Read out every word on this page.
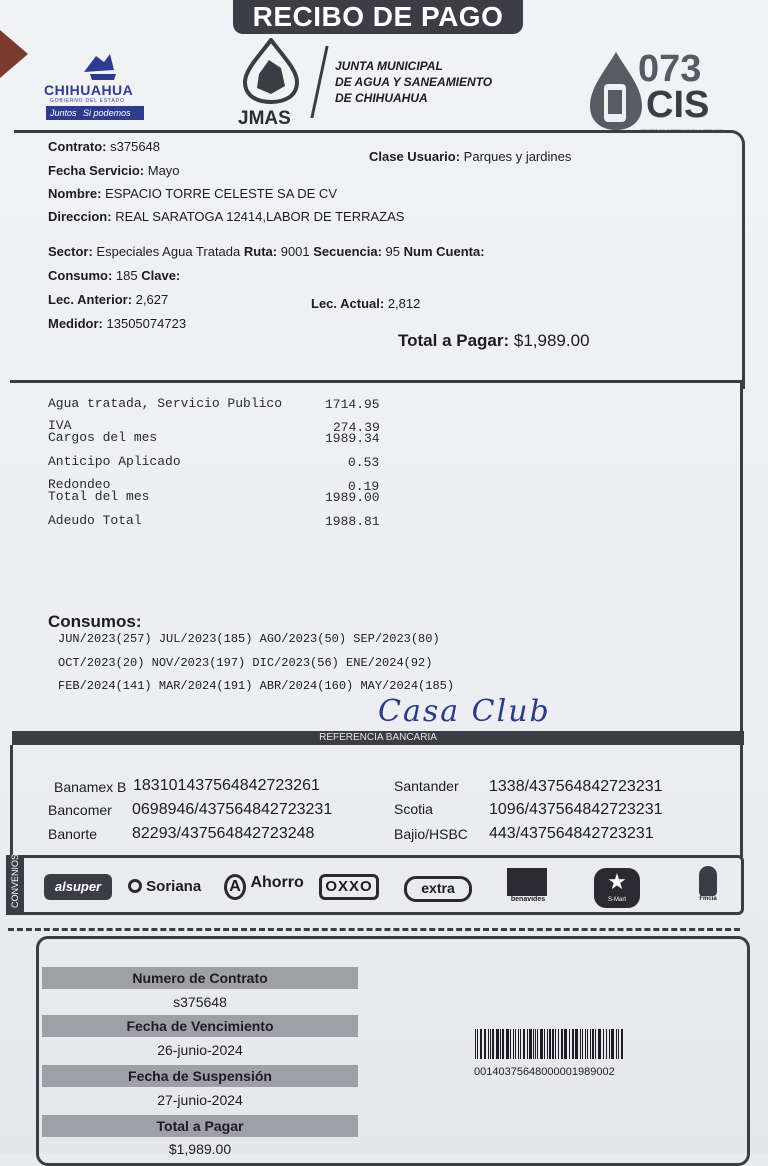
RECIBO DE PAGO
CHIHUAHUA
GOBIERNO DEL ESTADO
Juntos Si podemos	JMAS
JUNTA MUNICIPAL
DE AGUA Y SANEAMIENTO
DE CHIHUAHUA
073
CIS
CENTRO DE INFORMACION Y SERVICIO
Contrato: s375648
Clase Usuario: Parques y jardines
Fecha Servicio: Mayo
Nombre: ESPACIO TORRE CELESTE SA DE CV
Direccion: REAL SARATOGA 12414,LABOR DE TERRAZAS
Sector: Especiales Agua Tratada Ruta: 9001 Secuencia: 95 Num Cuenta:
Consumo: 185 Clave:
Lec. Anterior: 2,627	Lec. Actual: 2,812
Medidor: 13505074723
Total a Pagar: $1,989.00
Agua tratada, Servicio Publico	1714.95
IVA	274.39
Cargos del mes	1989.34
Anticipo Aplicado	0.53
Redondeo	0.19
Total del mes	1989.00
Adeudo Total	1988.81
Consumos:
JUN/2023(257) JUL/2023(185) AGO/2023(50) SEP/2023(80)
OCT/2023(20) NOV/2023(197) DIC/2023(56) ENE/2024(92)
FEB/2024(141) MAR/2024(191) ABR/2024(160) MAY/2024(185)
Casa Club
REFERENCIA BANCARIA
Banamex B 183101437564842723261
Bancomer 0698946/437564842723231
Banorte 82293/437564842723248
Santander 1338/437564842723231
Scotia	1096/437564842723231
Bajio/HSBC 443/437564842723231
CONVENIOS	alsuper	Soriana	A Ahorro	OXXO	extra
benavides
★
S-Mart	Fmcia
Numero de Contrato
s375648
Fecha de Vencimiento
26-junio-2024
Fecha de Suspensión
27-junio-2024
Total a Pagar
$1,989.00
00140375648000001989002
